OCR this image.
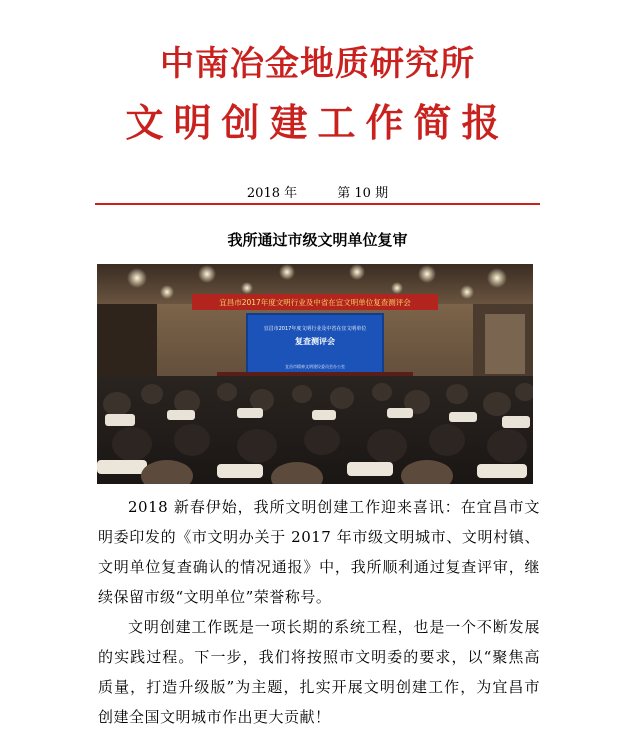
中南冶金地质研究所
文明创建工作简报
2018 年	第 10 期
我所通过市级文明单位复审
宜昌市2017年度文明行业及中省在宜文明单位复查测评会
宜昌市2017年度文明行业及中省在宜文明单位
复查测评会
宜昌市精神文明建设委员会办公室

2018 新春伊始，我所文明创建工作迎来喜讯：在宜昌市文明委印发的《市文明办关于 2017 年市级文明城市、文明村镇、文明单位复查确认的情况通报》中，我所顺利通过复查评审，继续保留市级“文明单位”荣誉称号。

文明创建工作既是一项长期的系统工程，也是一个不断发展的实践过程。下一步，我们将按照市文明委的要求，以“聚焦高质量，打造升级版”为主题，扎实开展文明创建工作，为宜昌市创建全国文明城市作出更大贡献！
